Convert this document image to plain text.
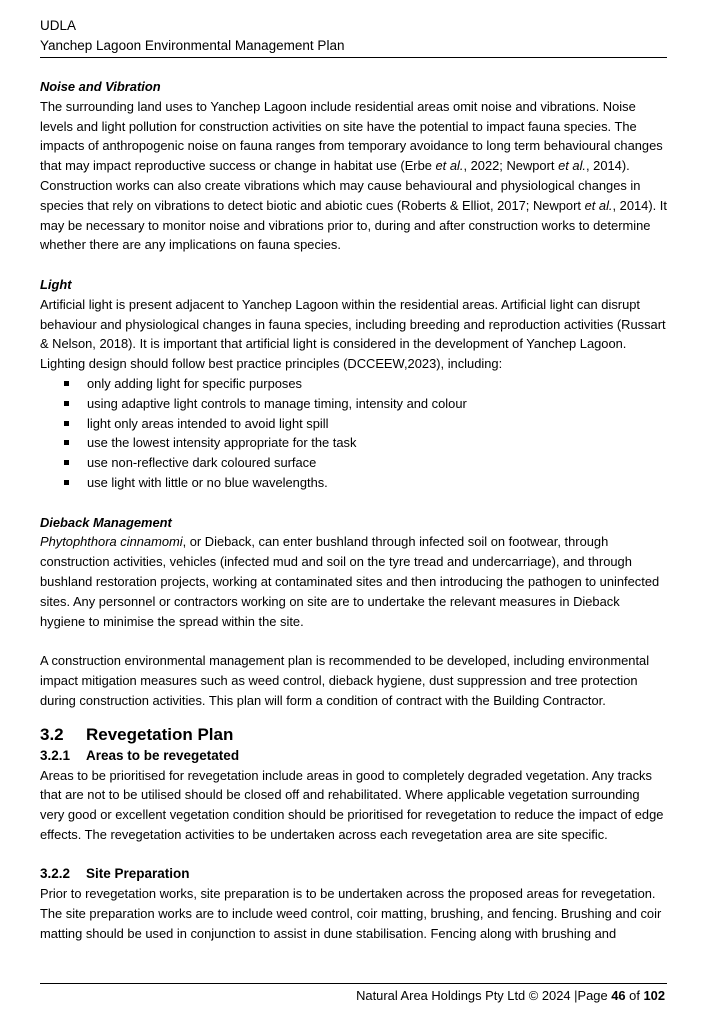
UDLA
Yanchep Lagoon Environmental Management Plan
Noise and Vibration

The surrounding land uses to Yanchep Lagoon include residential areas omit noise and vibrations. Noise levels and light pollution for construction activities on site have the potential to impact fauna species. The impacts of anthropogenic noise on fauna ranges from temporary avoidance to long term behavioural changes that may impact reproductive success or change in habitat use (Erbe et al., 2022; Newport et al., 2014). Construction works can also create vibrations which may cause behavioural and physiological changes in species that rely on vibrations to detect biotic and abiotic cues (Roberts & Elliot, 2017; Newport et al., 2014). It may be necessary to monitor noise and vibrations prior to, during and after construction works to determine whether there are any implications on fauna species.

Light

Artificial light is present adjacent to Yanchep Lagoon within the residential areas. Artificial light can disrupt behaviour and physiological changes in fauna species, including breeding and reproduction activities (Russart & Nelson, 2018). It is important that artificial light is considered in the development of Yanchep Lagoon. Lighting design should follow best practice principles (DCCEEW,2023), including:

only adding light for specific purposes
using adaptive light controls to manage timing, intensity and colour
light only areas intended to avoid light spill
use the lowest intensity appropriate for the task
use non-reflective dark coloured surface
use light with little or no blue wavelengths.
Dieback Management

Phytophthora cinnamomi, or Dieback, can enter bushland through infected soil on footwear, through construction activities, vehicles (infected mud and soil on the tyre tread and undercarriage), and through bushland restoration projects, working at contaminated sites and then introducing the pathogen to uninfected sites. Any personnel or contractors working on site are to undertake the relevant measures in Dieback hygiene to minimise the spread within the site.

A construction environmental management plan is recommended to be developed, including environmental impact mitigation measures such as weed control, dieback hygiene, dust suppression and tree protection during construction activities. This plan will form a condition of contract with the Building Contractor.

3.2 Revegetation Plan
3.2.1 Areas to be revegetated

Areas to be prioritised for revegetation include areas in good to completely degraded vegetation. Any tracks that are not to be utilised should be closed off and rehabilitated. Where applicable vegetation surrounding very good or excellent vegetation condition should be prioritised for revegetation to reduce the impact of edge effects. The revegetation activities to be undertaken across each revegetation area are site specific.

3.2.2 Site Preparation

Prior to revegetation works, site preparation is to be undertaken across the proposed areas for revegetation. The site preparation works are to include weed control, coir matting, brushing, and fencing. Brushing and coir matting should be used in conjunction to assist in dune stabilisation. Fencing along with brushing and

Natural Area Holdings Pty Ltd © 2024 |Page 46 of 102
